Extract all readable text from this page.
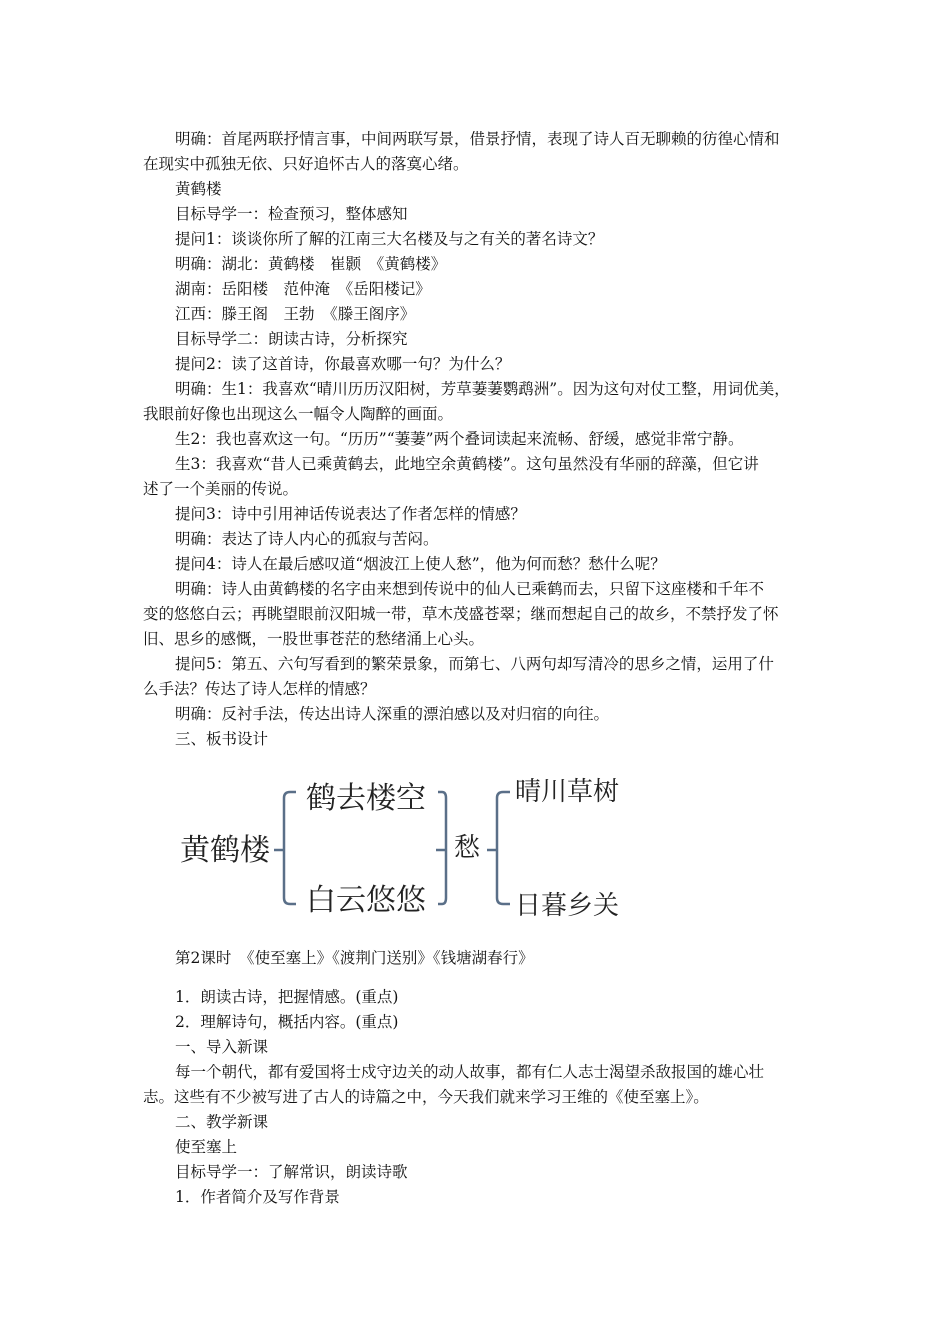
明确：首尾两联抒情言事，中间两联写景，借景抒情，表现了诗人百无聊赖的彷徨心情和

在现实中孤独无依、只好追怀古人的落寞心绪。

黄鹤楼

目标导学一：检查预习，整体感知

提问1：谈谈你所了解的江南三大名楼及与之有关的著名诗文？

明确：湖北：黄鹤楼　崔颢　《黄鹤楼》

湖南：岳阳楼　范仲淹　《岳阳楼记》

江西：滕王阁　王勃　《滕王阁序》

目标导学二：朗读古诗，分析探究

提问2：读了这首诗，你最喜欢哪一句？为什么？

明确：生1：我喜欢“晴川历历汉阳树，芳草萋萋鹦鹉洲”。因为这句对仗工整，用词优美，

我眼前好像也出现这么一幅令人陶醉的画面。

生2：我也喜欢这一句。“历历”“萋萋”两个叠词读起来流畅、舒缓，感觉非常宁静。

生3：我喜欢“昔人已乘黄鹤去，此地空余黄鹤楼”。这句虽然没有华丽的辞藻，但它讲

述了一个美丽的传说。

提问3：诗中引用神话传说表达了作者怎样的情感？

明确：表达了诗人内心的孤寂与苦闷。

提问4：诗人在最后感叹道“烟波江上使人愁”，他为何而愁？愁什么呢？

明确：诗人由黄鹤楼的名字由来想到传说中的仙人已乘鹤而去，只留下这座楼和千年不

变的悠悠白云；再眺望眼前汉阳城一带，草木茂盛苍翠；继而想起自己的故乡，不禁抒发了怀

旧、思乡的感慨，一股世事苍茫的愁绪涌上心头。

提问5：第五、六句写看到的繁荣景象，而第七、八两句却写清冷的思乡之情，运用了什

么手法？传达了诗人怎样的情感？

明确：反衬手法，传达出诗人深重的漂泊感以及对归宿的向往。

三、板书设计

黄鹤楼
鹤去楼空
白云悠悠
愁
晴川草树
日暮乡关

第2课时　《使至塞上》《渡荆门送别》《钱塘湖春行》

1．朗读古诗，把握情感。(重点)

2．理解诗句，概括内容。(重点)

一、导入新课

每一个朝代，都有爱国将士戍守边关的动人故事，都有仁人志士渴望杀敌报国的雄心壮

志。这些有不少被写进了古人的诗篇之中，今天我们就来学习王维的《使至塞上》。

二、教学新课

使至塞上

目标导学一：了解常识，朗读诗歌

1．作者简介及写作背景
